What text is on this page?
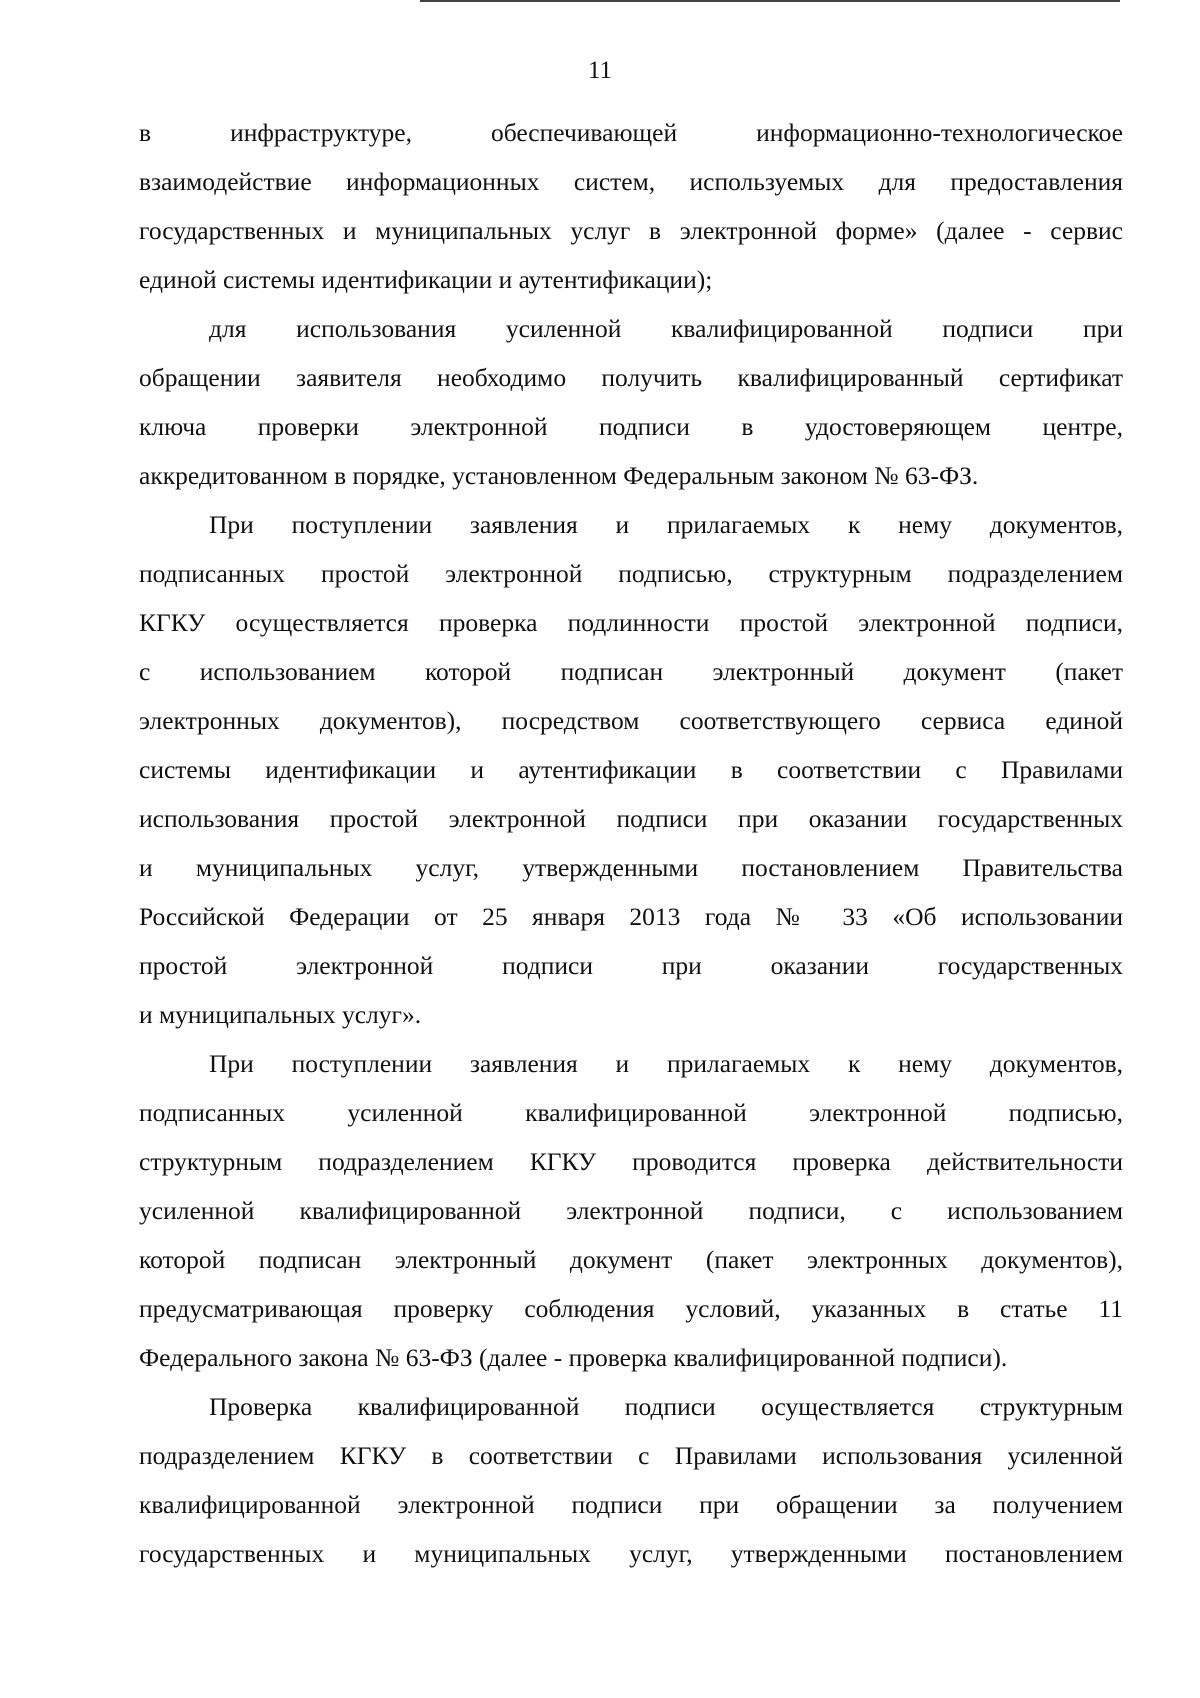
11
в инфраструктуре, обеспечивающей информационно-технологическое
взаимодействие информационных систем, используемых для предоставления
государственных и муниципальных услуг в электронной форме» (далее - сервис
единой системы идентификации и аутентификации);
для использования усиленной квалифицированной подписи при
обращении заявителя необходимо получить квалифицированный сертификат
ключа проверки электронной подписи в удостоверяющем центре,
аккредитованном в порядке, установленном Федеральным законом № 63-ФЗ.
При поступлении заявления и прилагаемых к нему документов,
подписанных простой электронной подписью, структурным подразделением
КГКУ осуществляется проверка подлинности простой электронной подписи,
с использованием которой подписан электронный документ (пакет
электронных документов), посредством соответствующего сервиса единой
системы идентификации и аутентификации в соответствии с Правилами
использования простой электронной подписи при оказании государственных
и муниципальных услуг, утвержденными постановлением Правительства
Российской Федерации от 25 января 2013 года № 33 «Об использовании
простой электронной подписи при оказании государственных
и муниципальных услуг».
При поступлении заявления и прилагаемых к нему документов,
подписанных усиленной квалифицированной электронной подписью,
структурным подразделением КГКУ проводится проверка действительности
усиленной квалифицированной электронной подписи, с использованием
которой подписан электронный документ (пакет электронных документов),
предусматривающая проверку соблюдения условий, указанных в статье 11
Федерального закона № 63-ФЗ (далее - проверка квалифицированной подписи).
Проверка квалифицированной подписи осуществляется структурным
подразделением КГКУ в соответствии с Правилами использования усиленной
квалифицированной электронной подписи при обращении за получением
государственных и муниципальных услуг, утвержденными постановлением
